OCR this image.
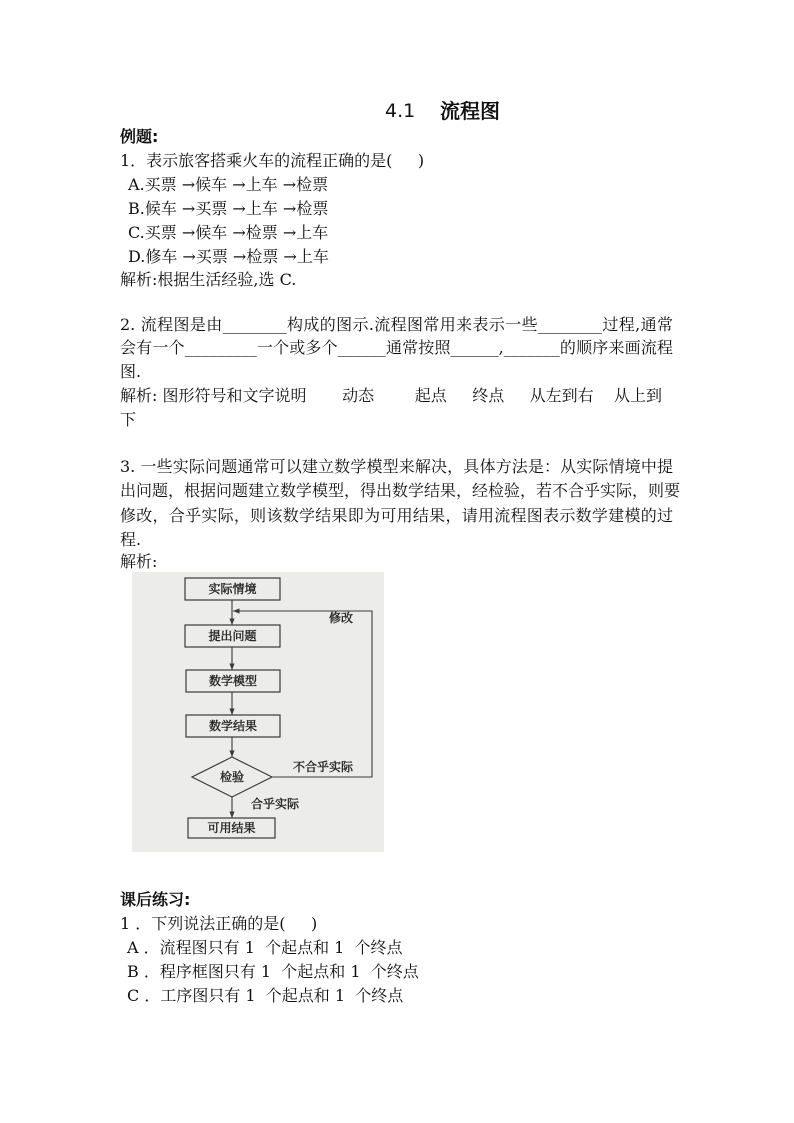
4.1 流程图
例题:
1．表示旅客搭乘火车的流程正确的是(     )
A.买票 →候车 →上车 →检票
B.候车 →买票 →上车 →检票
C.买票 →候车 →检票 →上车
D.修车 →买票 →检票 →上车
解析:根据生活经验,选 C.
2. 流程图是由________构成的图示.流程图常用来表示一些________过程,通常
会有一个_________一个或多个______通常按照______,_______的顺序来画流程
图.
解析: 图形符号和文字说明       动态        起点     终点     从左到右    从上到
下
3. 一些实际问题通常可以建立数学模型来解决，具体方法是：从实际情境中提
出问题，根据问题建立数学模型，得出数学结果，经检验，若不合乎实际，则要
修改，合乎实际，则该数学结果即为可用结果，请用流程图表示数学建模的过
程.
解析:
实际情境
提出问题
数学模型
数学结果
检验
可用结果
修改
不合乎实际
合乎实际
课后练习:
1 ．下列说法正确的是(     )
A ．流程图只有 1  个起点和 1  个终点
B ．程序框图只有 1  个起点和 1  个终点
C ．工序图只有 1  个起点和 1  个终点
